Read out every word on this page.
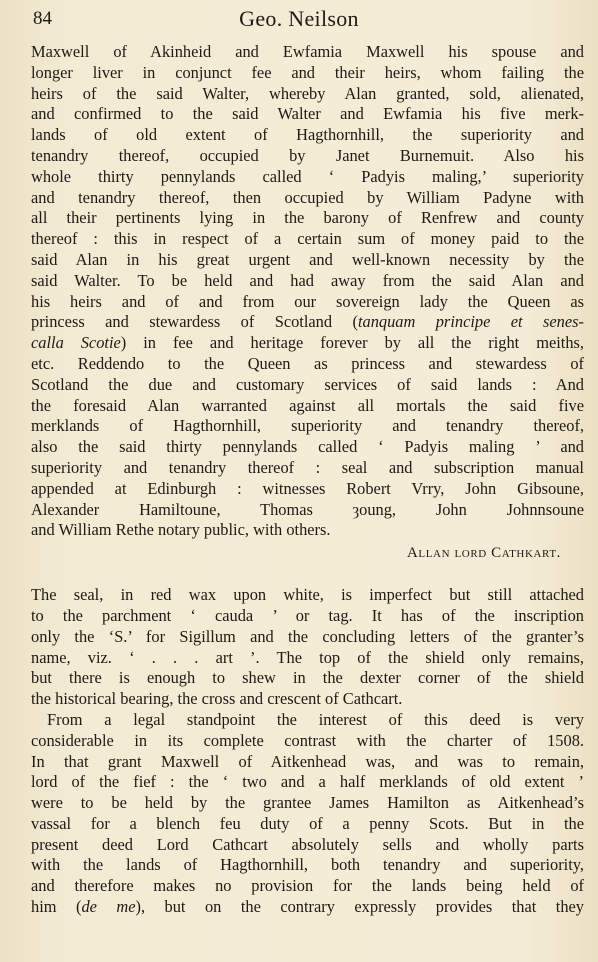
84	Geo. Neilson
Maxwell of Akinheid and Ewfamia Maxwell his spouse and
longer liver in conjunct fee and their heirs, whom failing the
heirs of the said Walter, whereby Alan granted, sold, alienated,
and confirmed to the said Walter and Ewfamia his five merk-
lands of old extent of Hagthornhill, the superiority and
tenandry thereof, occupied by Janet Burnemuit. Also his
whole thirty pennylands called ‘ Padyis maling,’ superiority
and tenandry thereof, then occupied by William Padyne with
all their pertinents lying in the barony of Renfrew and county
thereof : this in respect of a certain sum of money paid to the
said Alan in his great urgent and well-known necessity by the
said Walter. To be held and had away from the said Alan and
his heirs and of and from our sovereign lady the Queen as
princess and stewardess of Scotland (tanquam principe et senes-
calla Scotie) in fee and heritage forever by all the right meiths,
etc. Reddendo to the Queen as princess and stewardess of
Scotland the due and customary services of said lands : And
the foresaid Alan warranted against all mortals the said five
merklands of Hagthornhill, superiority and tenandry thereof,
also the said thirty pennylands called ‘ Padyis maling ’ and
superiority and tenandry thereof : seal and subscription manual
appended at Edinburgh : witnesses Robert Vrry, John Gibsoune,
Alexander Hamiltoune, Thomas ȝoung, John Johnnsoune
and William Rethe notary public, with others.
Allan lord Cathkart.
The seal, in red wax upon white, is imperfect but still attached
to the parchment ‘ cauda ’ or tag. It has of the inscription
only the ‘S.’ for Sigillum and the concluding letters of the granter’s
name, viz. ‘ . . . art ’. The top of the shield only remains,
but there is enough to shew in the dexter corner of the shield
the historical bearing, the cross and crescent of Cathcart.
From a legal standpoint the interest of this deed is very
considerable in its complete contrast with the charter of 1508.
In that grant Maxwell of Aitkenhead was, and was to remain,
lord of the fief : the ‘ two and a half merklands of old extent ’
were to be held by the grantee James Hamilton as Aitkenhead’s
vassal for a blench feu duty of a penny Scots. But in the
present deed Lord Cathcart absolutely sells and wholly parts
with the lands of Hagthornhill, both tenandry and superiority,
and therefore makes no provision for the lands being held of
him (de me), but on the contrary expressly provides that they
